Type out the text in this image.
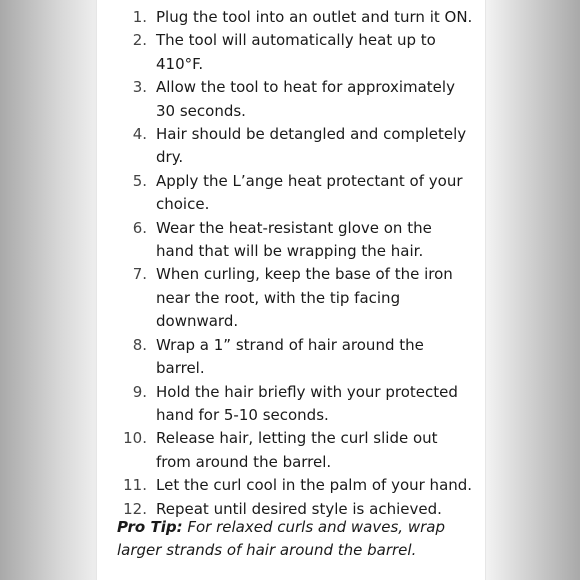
1. Plug the tool into an outlet and turn it ON.
2. The tool will automatically heat up to 410°F.
3. Allow the tool to heat for approximately 30 seconds.
4. Hair should be detangled and completely dry.
5. Apply the L’ange heat protectant of your choice.
6. Wear the heat-resistant glove on the hand that will be wrapping the hair.
7. When curling, keep the base of the iron near the root, with the tip facing downward.
8. Wrap a 1” strand of hair around the barrel.
9. Hold the hair briefly with your protected hand for 5-10 seconds.
10. Release hair, letting the curl slide out from around the barrel.
11. Let the curl cool in the palm of your hand.
12. Repeat until desired style is achieved.

Pro Tip: For relaxed curls and waves, wrap larger strands of hair around the barrel.
